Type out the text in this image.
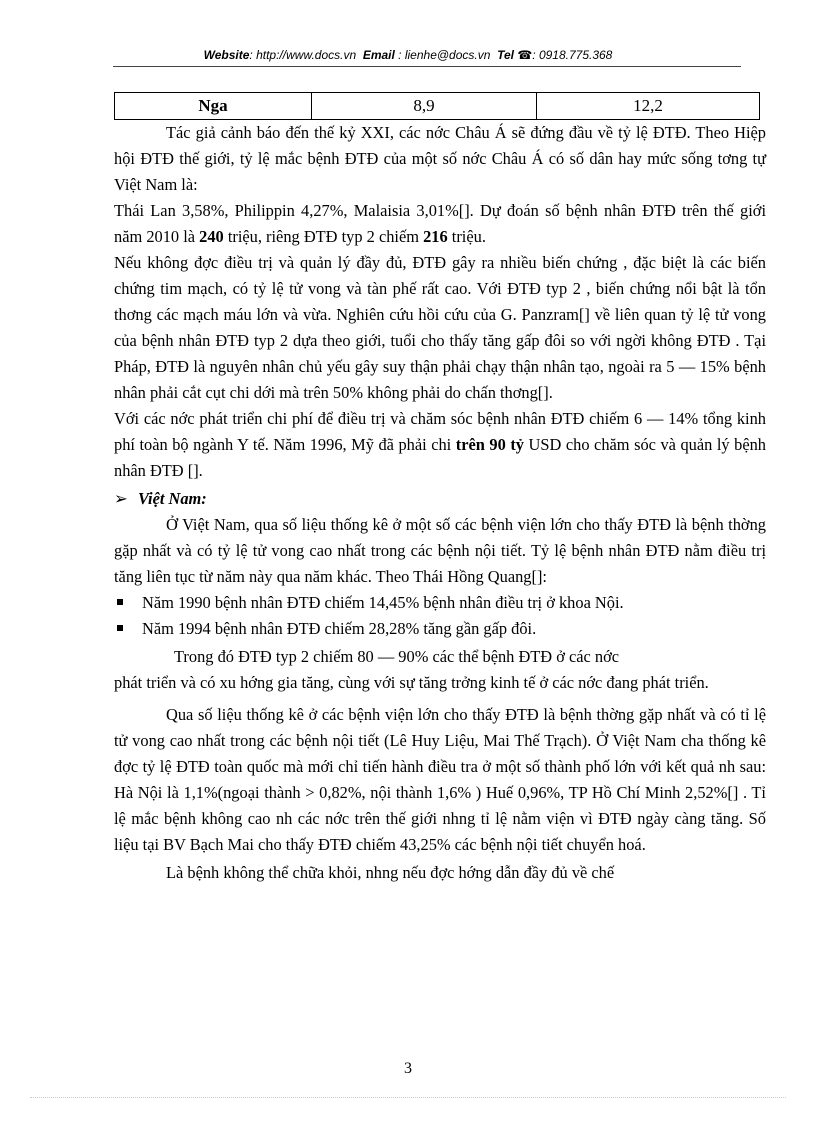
Website: http://www.docs.vn Email : lienhe@docs.vn Tel ☎: 0918.775.368
Nga	8,9	12,2

Tác giả cảnh báo đến thế kỷ XXI, các nớc Châu Á sẽ đứng đầu về tỷ lệ ĐTĐ. Theo Hiệp hội ĐTĐ thế giới, tỷ lệ mắc bệnh ĐTĐ của một số nớc Châu Á có số dân hay mức sống tơng tự Việt Nam là:

Thái Lan 3,58%, Philippin 4,27%, Malaisia 3,01%[]. Dự đoán số bệnh nhân ĐTĐ trên thế giới năm 2010 là 240 triệu, riêng ĐTĐ typ 2 chiếm 216 triệu.

Nếu không đợc điều trị và quản lý đầy đủ, ĐTĐ gây ra nhiều biến chứng , đặc biệt là các biến chứng tim mạch, có tỷ lệ tử vong và tàn phế rất cao. Với ĐTĐ typ 2 , biến chứng nổi bật là tổn thơng các mạch máu lớn và vừa. Nghiên cứu hồi cứu của G. Panzram[] về liên quan tỷ lệ tử vong của bệnh nhân ĐTĐ typ 2 dựa theo giới, tuổi cho thấy tăng gấp đôi so với ngời không ĐTĐ . Tại Pháp, ĐTĐ là nguyên nhân chủ yếu gây suy thận phải chạy thận nhân tạo, ngoài ra 5 — 15% bệnh nhân phải cắt cụt chi dới mà trên 50% không phải do chấn thơng[].

Với các nớc phát triển chi phí để điều trị và chăm sóc bệnh nhân ĐTĐ chiếm 6 — 14% tổng kinh phí toàn bộ ngành Y tế. Năm 1996, Mỹ đã phải chi trên 90 tỷ USD cho chăm sóc và quản lý bệnh nhân ĐTĐ [].

➢ Việt Nam:

Ở Việt Nam, qua số liệu thống kê ở một số các bệnh viện lớn cho thấy ĐTĐ là bệnh thờng gặp nhất và có tỷ lệ tử vong cao nhất trong các bệnh nội tiết. Tỷ lệ bệnh nhân ĐTĐ nằm điều trị tăng liên tục từ năm này qua năm khác. Theo Thái Hồng Quang[]:

Năm 1990 bệnh nhân ĐTĐ chiếm 14,45% bệnh nhân điều trị ở khoa Nội.
Năm 1994 bệnh nhân ĐTĐ chiếm 28,28% tăng gần gấp đôi.

Trong đó ĐTĐ typ 2 chiếm 80 — 90% các thể bệnh ĐTĐ ở các nớc

phát triển và có xu hớng gia tăng, cùng với sự tăng trởng kinh tế ở các nớc đang phát triển.

Qua số liệu thống kê ở các bệnh viện lớn cho thấy ĐTĐ là bệnh thờng gặp nhất và có tỉ lệ tử vong cao nhất trong các bệnh nội tiết (Lê Huy Liệu, Mai Thế Trạch). Ở Việt Nam cha thống kê đợc tỷ lệ ĐTĐ toàn quốc mà mới chỉ tiến hành điều tra ở một số thành phố lớn với kết quả nh sau: Hà Nội là 1,1%(ngoại thành > 0,82%, nội thành 1,6% ) Huế 0,96%, TP Hồ Chí Minh 2,52%[] . Tỉ lệ mắc bệnh không cao nh các nớc trên thế giới nhng tỉ lệ nằm viện vì ĐTĐ ngày càng tăng. Số liệu tại BV Bạch Mai cho thấy ĐTĐ chiếm 43,25% các bệnh nội tiết chuyển hoá.

Là bệnh không thể chữa khỏi, nhng nếu đợc hớng dẫn đầy đủ về chế

3
